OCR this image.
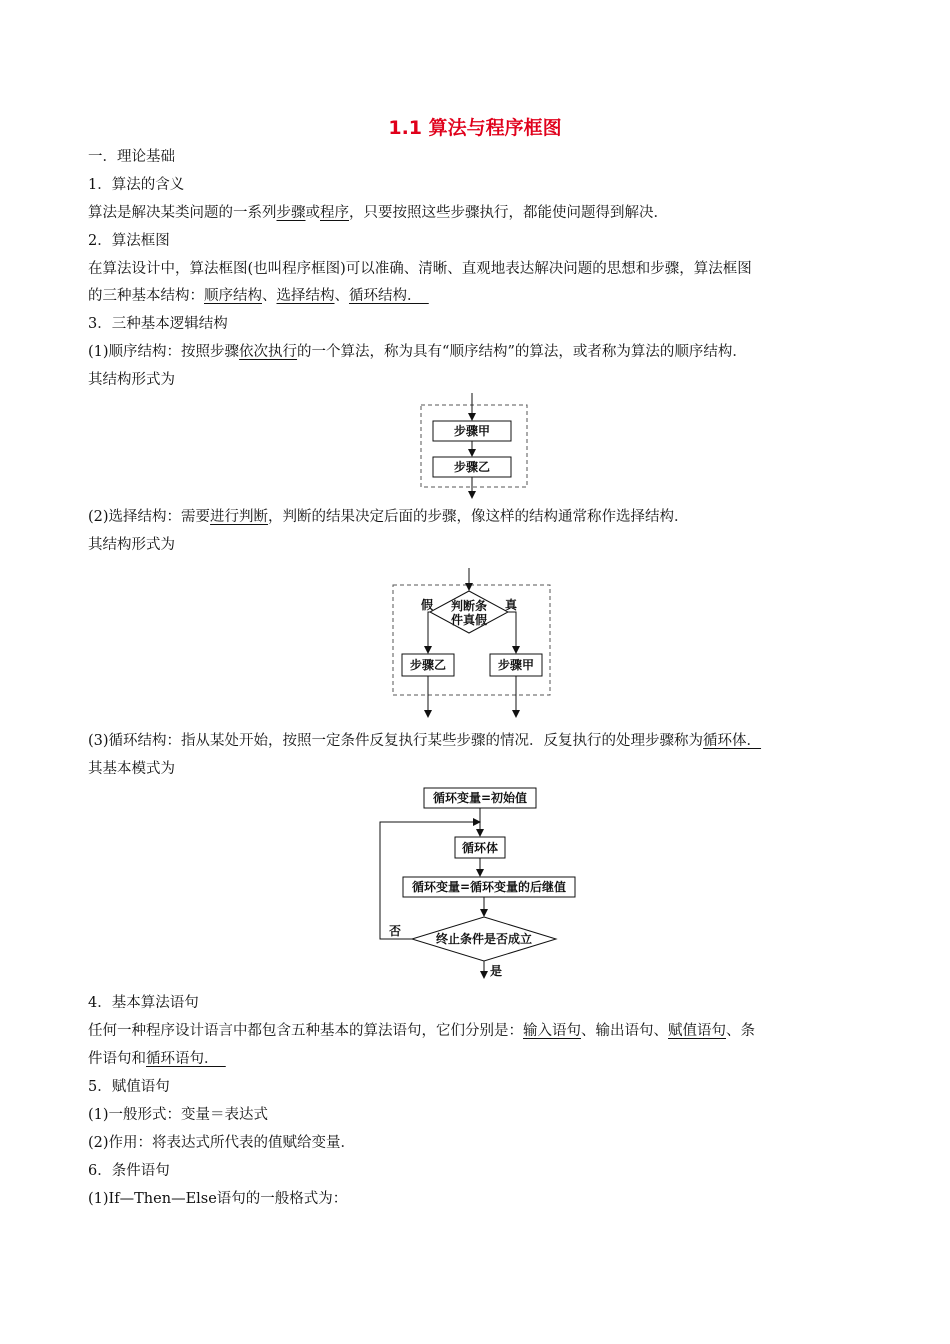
1.1 算法与程序框图
一．理论基础
1．算法的含义
算法是解决某类问题的一系列步骤或程序，只要按照这些步骤执行，都能使问题得到解决．
2．算法框图
在算法设计中，算法框图(也叫程序框图)可以准确、清晰、直观地表达解决问题的思想和步骤，算法框图
的三种基本结构：顺序结构、选择结构、循环结构． 
3．三种基本逻辑结构
(1)顺序结构：按照步骤依次执行的一个算法，称为具有“顺序结构”的算法，或者称为算法的顺序结构．
其结构形式为
(2)选择结构：需要进行判断，判断的结果决定后面的步骤，像这样的结构通常称作选择结构．
其结构形式为
(3)循环结构：指从某处开始，按照一定条件反复执行某些步骤的情况．反复执行的处理步骤称为循环体．
其基本模式为
4．基本算法语句
任何一种程序设计语言中都包含五种基本的算法语句，它们分别是：输入语句、输出语句、赋值语句、条
件语句和循环语句． 
5．赋值语句
(1)一般形式：变量＝表达式
(2)作用：将表达式所代表的值赋给变量．
6．条件语句
(1)If—Then—Else语句的一般格式为：
步骤甲
步骤乙
判断条
件真假
假	真
步骤乙	步骤甲
循环变量=初始值
循环体
循环变量=循环变量的后继值
终止条件是否成立
否
是
